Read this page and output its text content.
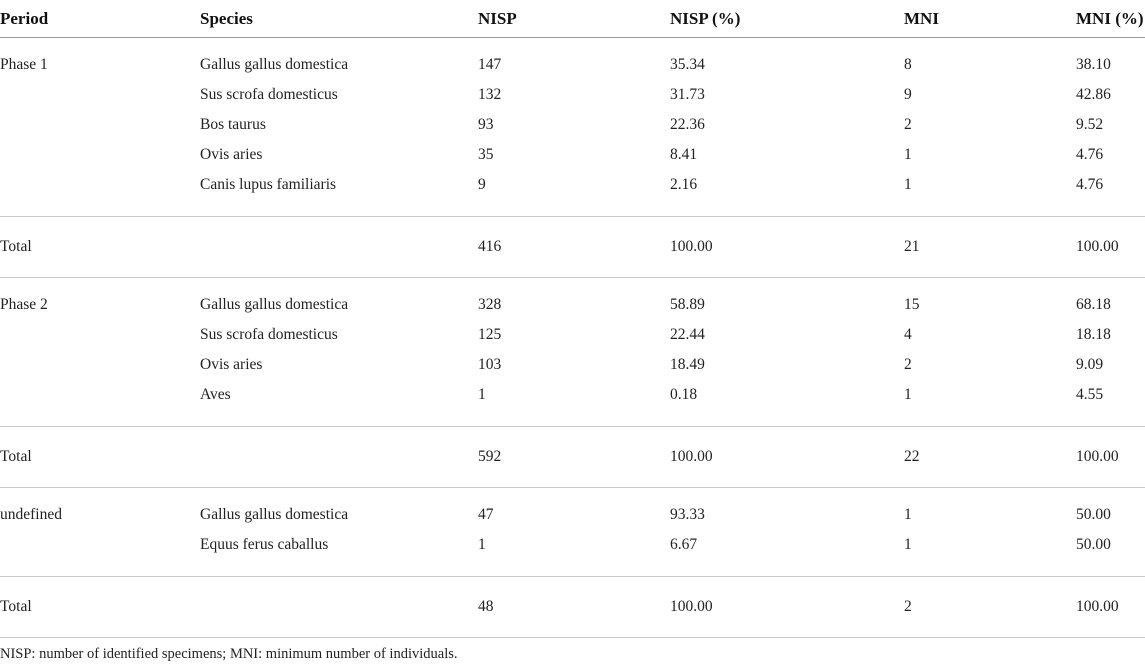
Period	Species	NISP	NISP (%)	MNI	MNI (%)

Phase 1	Gallus gallus domestica	147	35.34	8	38.10
	Sus scrofa domesticus	132	31.73	9	42.86
	Bos taurus	93	22.36	2	9.52
	Ovis aries	35	8.41	1	4.76
	Canis lupus familiaris	9	2.16	1	4.76

Total		416	100.00	21	100.00

Phase 2	Gallus gallus domestica	328	58.89	15	68.18
	Sus scrofa domesticus	125	22.44	4	18.18
	Ovis aries	103	18.49	2	9.09
	Aves	1	0.18	1	4.55

Total		592	100.00	22	100.00

undefined	Gallus gallus domestica	47	93.33	1	50.00
	Equus ferus caballus	1	6.67	1	50.00

Total		48	100.00	2	100.00
NISP: number of identified specimens; MNI: minimum number of individuals.
